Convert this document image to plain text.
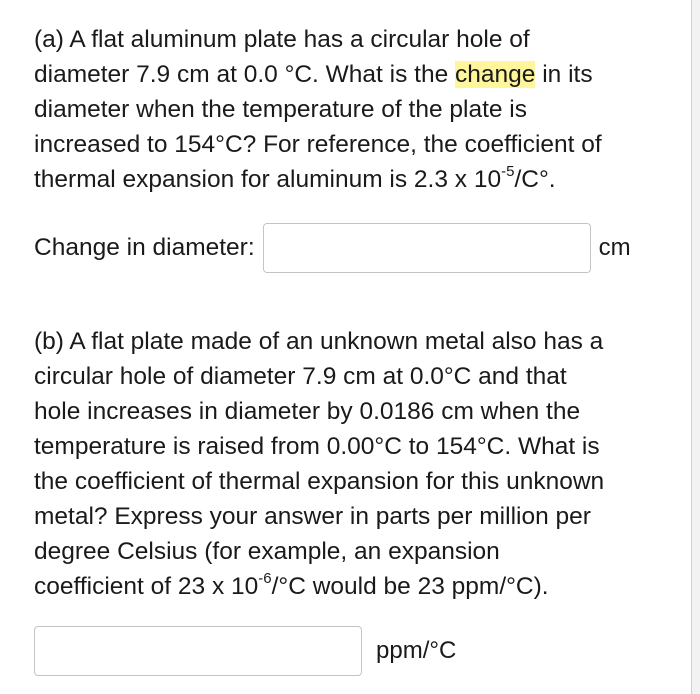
(a) A flat aluminum plate has a circular hole of
diameter 7.9 cm at 0.0 °C. What is the change in its
diameter when the temperature of the plate is
increased to 154°C? For reference, the coefficient of
thermal expansion for aluminum is 2.3 x $10^{-5}/C^\circ$.

Change in diameter:	cm

(b) A flat plate made of an unknown metal also has a
circular hole of diameter 7.9 cm at 0.0°C and that
hole increases in diameter by 0.0186 cm when the
temperature is raised from 0.00°C to 154°C. What is
the coefficient of thermal expansion for this unknown
metal? Express your answer in parts per million per
degree Celsius (for example, an expansion
coefficient of 23 x $10^{-6}/^\circ C$ would be 23 ppm/°C).

ppm/°C
